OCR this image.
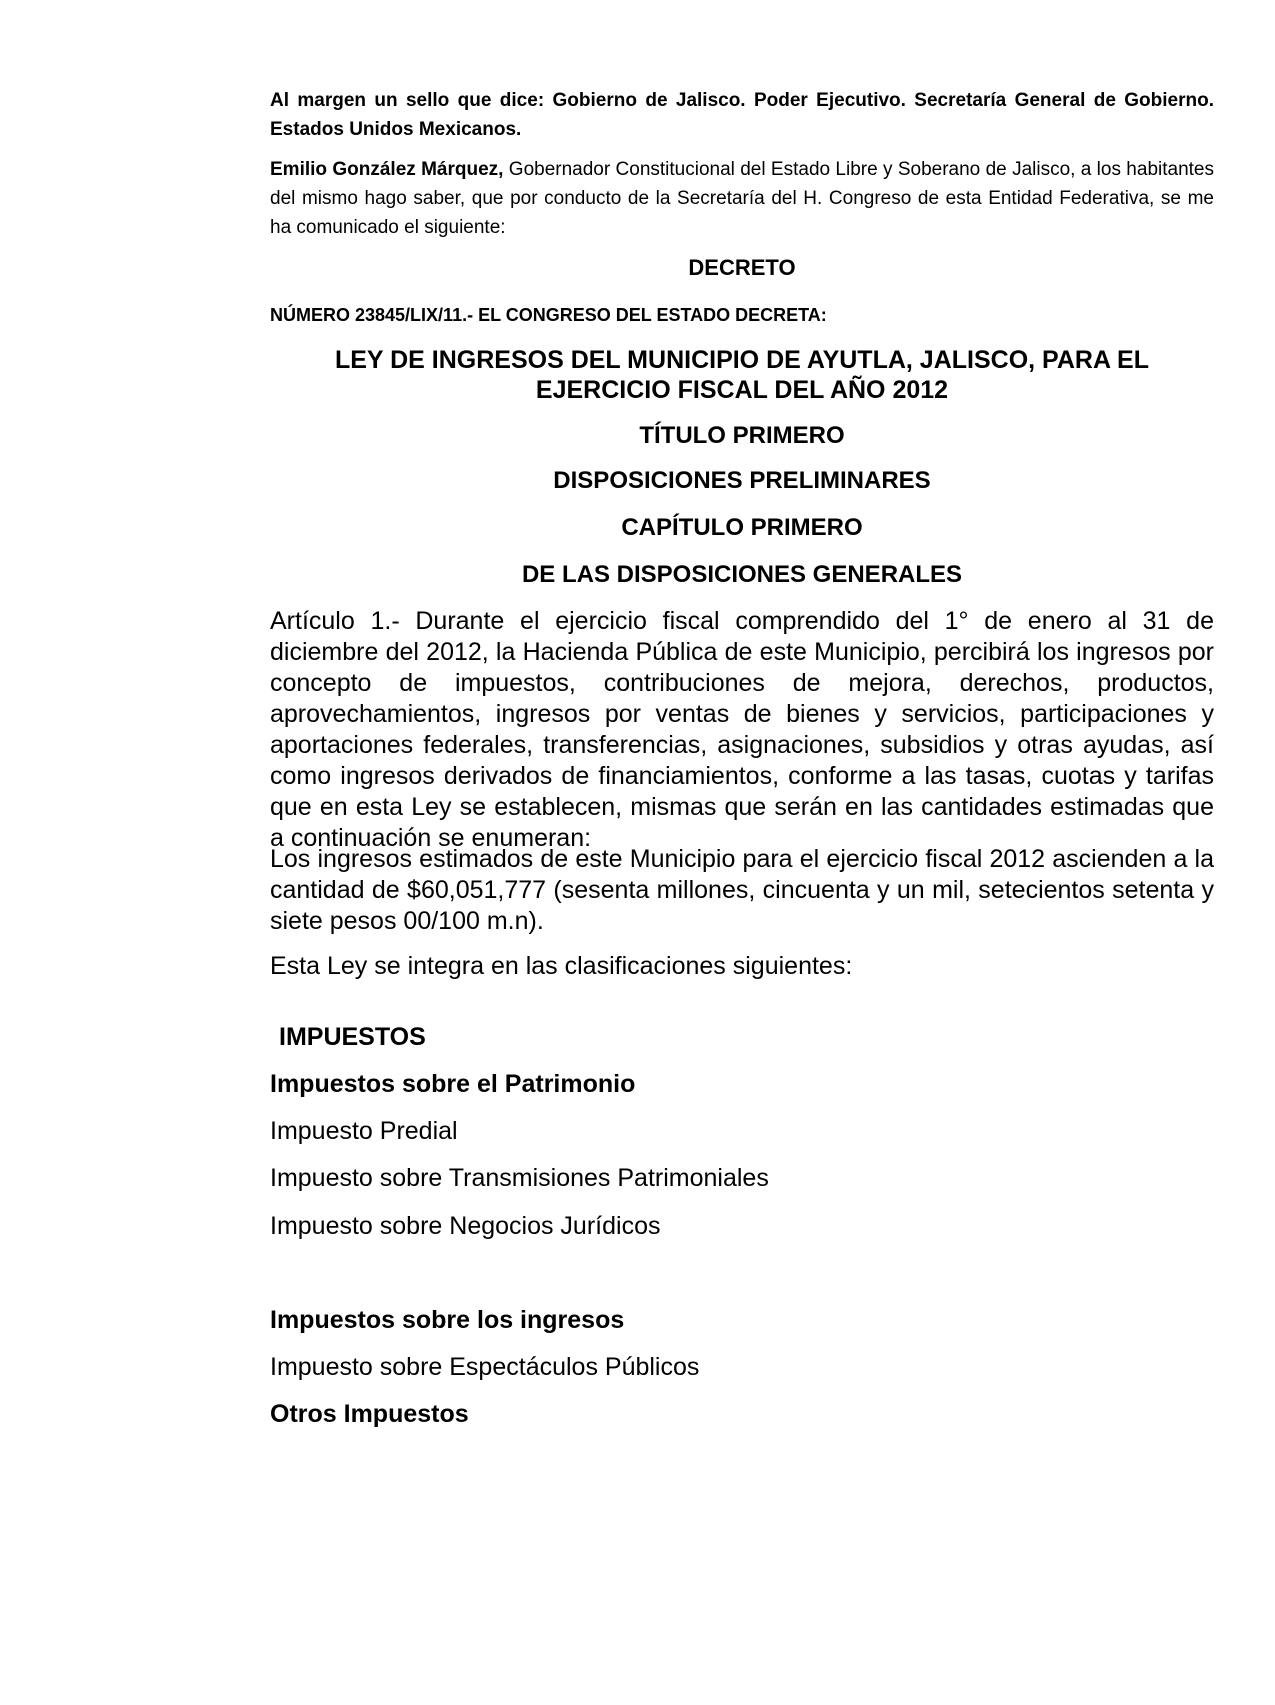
Al margen un sello que dice: Gobierno de Jalisco. Poder Ejecutivo. Secretaría General de Gobierno. Estados Unidos Mexicanos.

Emilio González Márquez, Gobernador Constitucional del Estado Libre y Soberano de Jalisco, a los habitantes del mismo hago saber, que por conducto de la Secretaría del H. Congreso de esta Entidad Federativa, se me ha comunicado el siguiente:

DECRETO

NÚMERO 23845/LIX/11.- EL CONGRESO DEL ESTADO DECRETA:

LEY DE INGRESOS DEL MUNICIPIO DE AYUTLA, JALISCO, PARA EL

EJERCICIO FISCAL DEL AÑO 2012

TÍTULO PRIMERO

DISPOSICIONES PRELIMINARES

CAPÍTULO PRIMERO

DE LAS DISPOSICIONES GENERALES

Artículo 1.- Durante el ejercicio fiscal comprendido del 1° de enero al 31 de diciembre del 2012, la Hacienda Pública de este Municipio, percibirá los ingresos por concepto de impuestos, contribuciones de mejora, derechos, productos, aprovechamientos, ingresos por ventas de bienes y servicios, participaciones y aportaciones federales, transferencias, asignaciones, subsidios y otras ayudas, así como ingresos derivados de financiamientos, conforme a las tasas, cuotas y tarifas que en esta Ley se establecen, mismas que serán en las cantidades estimadas que a continuación se enumeran:

Los ingresos estimados de este Municipio para el ejercicio fiscal 2012 ascienden a la cantidad de $60,051,777 (sesenta millones, cincuenta y un mil, setecientos setenta y siete pesos 00/100 m.n).

Esta Ley se integra en las clasificaciones siguientes:

IMPUESTOS

Impuestos sobre el Patrimonio

Impuesto Predial

Impuesto sobre Transmisiones Patrimoniales

Impuesto sobre Negocios Jurídicos

Impuestos sobre los ingresos

Impuesto sobre Espectáculos Públicos

Otros Impuestos
